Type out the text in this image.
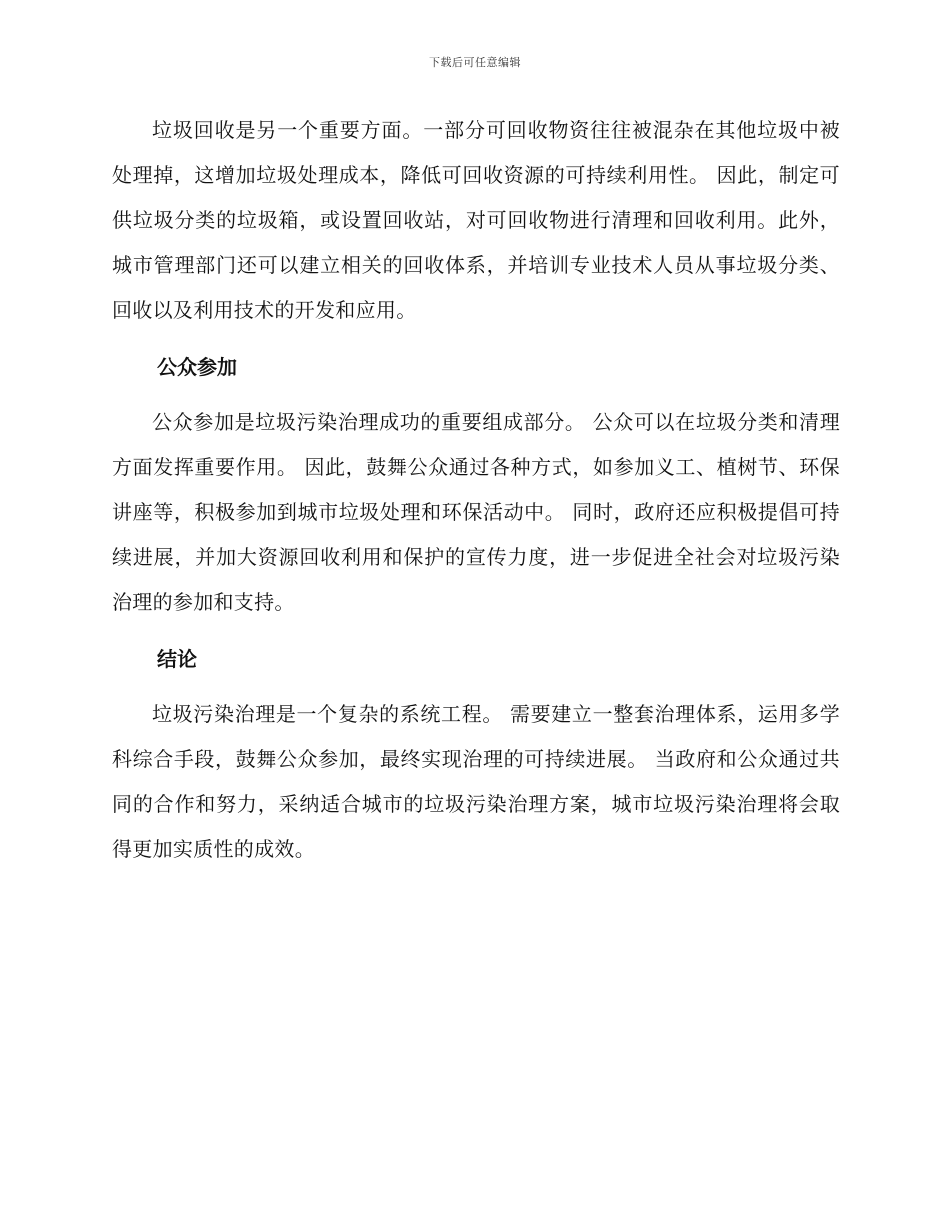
下载后可任意编辑

垃圾回收是另一个重要方面。一部分可回收物资往往被混杂在其他垃圾中被处理掉，这增加垃圾处理成本，降低可回收资源的可持续利用性。 因此，制定可供垃圾分类的垃圾箱，或设置回收站，对可回收物进行清理和回收利用。此外，城市管理部门还可以建立相关的回收体系，并培训专业技术人员从事垃圾分类、回收以及利用技术的开发和应用。

公众参加

公众参加是垃圾污染治理成功的重要组成部分。 公众可以在垃圾分类和清理方面发挥重要作用。 因此，鼓舞公众通过各种方式，如参加义工、植树节、环保讲座等，积极参加到城市垃圾处理和环保活动中。 同时，政府还应积极提倡可持续进展，并加大资源回收利用和保护的宣传力度，进一步促进全社会对垃圾污染治理的参加和支持。

结论

垃圾污染治理是一个复杂的系统工程。 需要建立一整套治理体系，运用多学科综合手段，鼓舞公众参加，最终实现治理的可持续进展。 当政府和公众通过共同的合作和努力，采纳适合城市的垃圾污染治理方案，城市垃圾污染治理将会取得更加实质性的成效。
